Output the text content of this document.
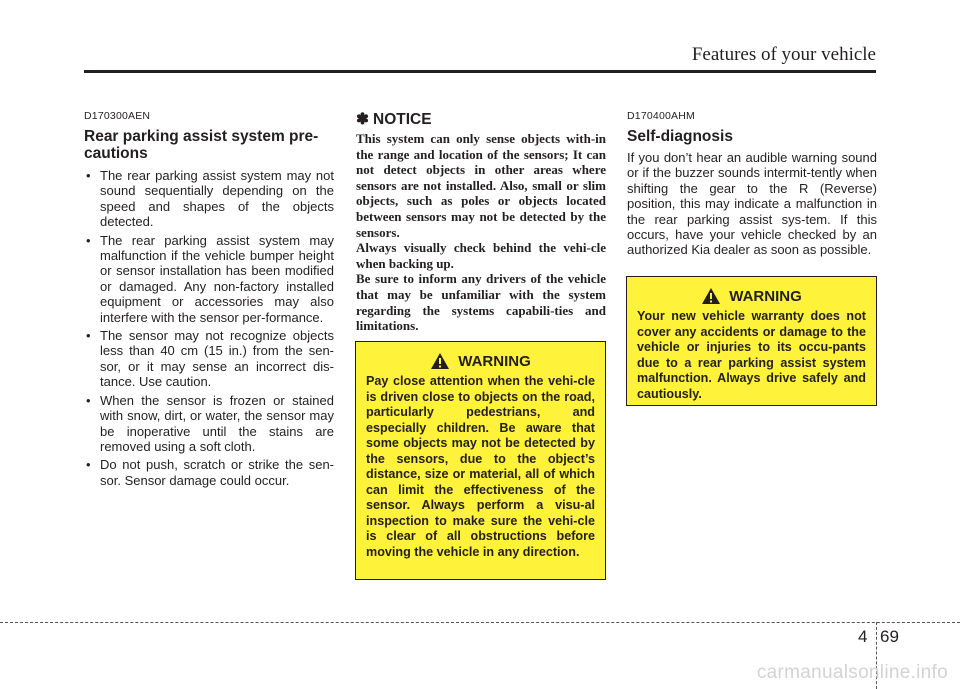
Features of your vehicle
D170300AEN
Rear parking assist system pre-
cautions
• The rear parking assist system may not sound sequentially depending on the speed and shapes of the objects detected.
• The rear parking assist system may malfunction if the vehicle bumper height or sensor installation has been modified or damaged. Any non-factory installed equipment or accessories may also interfere with the sensor per-formance.
• The sensor may not recognize objects less than 40 cm (15 in.) from the sen-sor, or it may sense an incorrect dis-tance. Use caution.
• When the sensor is frozen or stained with snow, dirt, or water, the sensor may be inoperative until the stains are removed using a soft cloth.
• Do not push, scratch or strike the sen-sor. Sensor damage could occur.
✽ NOTICE
This system can only sense objects with-in the range and location of the sensors; It can not detect objects in other areas where sensors are not installed. Also, small or slim objects, such as poles or objects located between sensors may not be detected by the sensors.
Always visually check behind the vehi-cle when backing up.
Be sure to inform any drivers of the vehicle that may be unfamiliar with the system regarding the systems capabili-ties and limitations.
WARNING
Pay close attention when the vehi-cle is driven close to objects on the road, particularly pedestrians, and especially children. Be aware that some objects may not be detected by the sensors, due to the object’s distance, size or material, all of which can limit the effectiveness of the sensor. Always perform a visu-al inspection to make sure the vehi-cle is clear of all obstructions before moving the vehicle in any direction.
D170400AHM
Self-diagnosis
If you don’t hear an audible warning sound or if the buzzer sounds intermit-tently when shifting the gear to the R (Reverse) position, this may indicate a malfunction in the rear parking assist sys-tem. If this occurs, have your vehicle checked by an authorized Kia dealer as soon as possible.
WARNING
Your new vehicle warranty does not cover any accidents or damage to the vehicle or injuries to its occu-pants due to a rear parking assist system malfunction. Always drive safely and cautiously.
4 69
carmanualsonline.info
